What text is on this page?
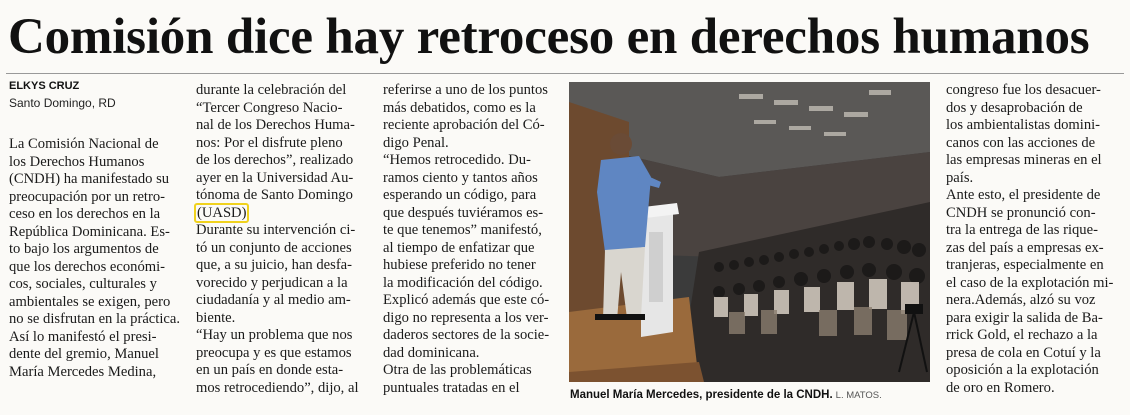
Comisión dice hay retroceso en derechos humanos
ELKYS CRUZ
Santo Domingo, RD
La Comisión Nacional de
los Derechos Humanos
(CNDH) ha manifestado su
preocupación por un retro-
ceso en los derechos en la
República Dominicana. Es-
to bajo los argumentos de
que los derechos económi-
cos, sociales, culturales y
ambientales se exigen, pero
no se disfrutan en la práctica.
Así lo manifestó el presi-
dente del gremio, Manuel
María Mercedes Medina,
durante la celebración del
“Tercer Congreso Nacio-
nal de los Derechos Huma-
nos: Por el disfrute pleno
de los derechos”, realizado
ayer en la Universidad Au-
tónoma de Santo Domingo
(UASD)
Durante su intervención ci-
tó un conjunto de acciones
que, a su juicio, han desfa-
vorecido y perjudican a la
ciudadanía y al medio am-
biente.
“Hay un problema que nos
preocupa y es que estamos
en un país en donde esta-
mos retrocediendo”, dijo, al
referirse a uno de los puntos
más debatidos, como es la
reciente aprobación del Có-
digo Penal.
“Hemos retrocedido. Du-
ramos ciento y tantos años
esperando un código, para
que después tuviéramos es-
te que tenemos” manifestó,
al tiempo de enfatizar que
hubiese preferido no tener
la modificación del código.
Explicó además que este có-
digo no representa a los ver-
daderos sectores de la socie-
dad dominicana.
Otra de las problemáticas
puntuales tratadas en el
congreso fue los desacuer-
dos y desaprobación de
los ambientalistas domini-
canos con las acciones de
las empresas mineras en el
país.
Ante esto, el presidente de
CNDH se pronunció con-
tra la entrega de las rique-
zas del país a empresas ex-
tranjeras, especialmente en
el caso de la explotación mi-
nera.Además, alzó su voz
para exigir la salida de Ba-
rrick Gold, el rechazo a la
presa de cola en Cotuí y la
oposición a la explotación
de oro en Romero.
Manuel María Mercedes, presidente de la CNDH. L. MATOS.
